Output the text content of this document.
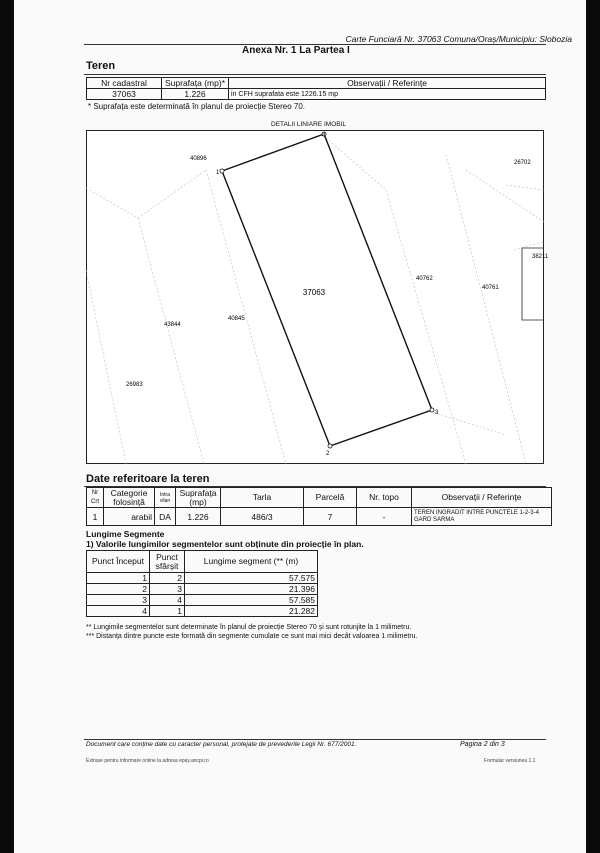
Carte Funciară Nr. 37063 Comuna/Oraș/Municipiu: Slobozia
Anexa Nr. 1 La Partea I
Teren
Nr cadastral	Suprafața (mp)*	Observații / Referințe
37063	1.226	in CFH suprafata este 1226.15 mp
* Suprafața este determinată în planul de proiecție Stereo 70.
DETALII LINIARE IMOBIL
37063
40896
26702
38211
40762
40761
43844
40845
26983
1
2
3
4
Date referitoare la teren
Nr Crt	Categorie folosință	Intra vilan	Suprafața (mp)	Tarla	Parcelă	Nr. topo	Observații / Referințe
1	arabil	DA	1.226	486/3	7	-	TEREN INGRADIT INTRE PUNCTELE 1-2-3-4 GARD SARMA
Lungime Segmente
1) Valorile lungimilor segmentelor sunt obținute din proiecție în plan.
Punct Început	Punct sfârșit	Lungime segment (** (m)
1	2	57.575
2	3	21.396
3	4	57.585
4	1	21.282
** Lungimile segmentelor sunt determinate în planul de proiecție Stereo 70 și sunt rotunjite la 1 milimetru.
*** Distanța dintre puncte este formată din segmente cumulate ce sunt mai mici decât valoarea 1 milimetru.
Document care conține date cu caracter personal, protejate de prevederile Legii Nr. 677/2001.	Pagina 2 din 3
Extrase pentru informare online la adresa epay.ancpi.ro	Formular versiunea 1.1
